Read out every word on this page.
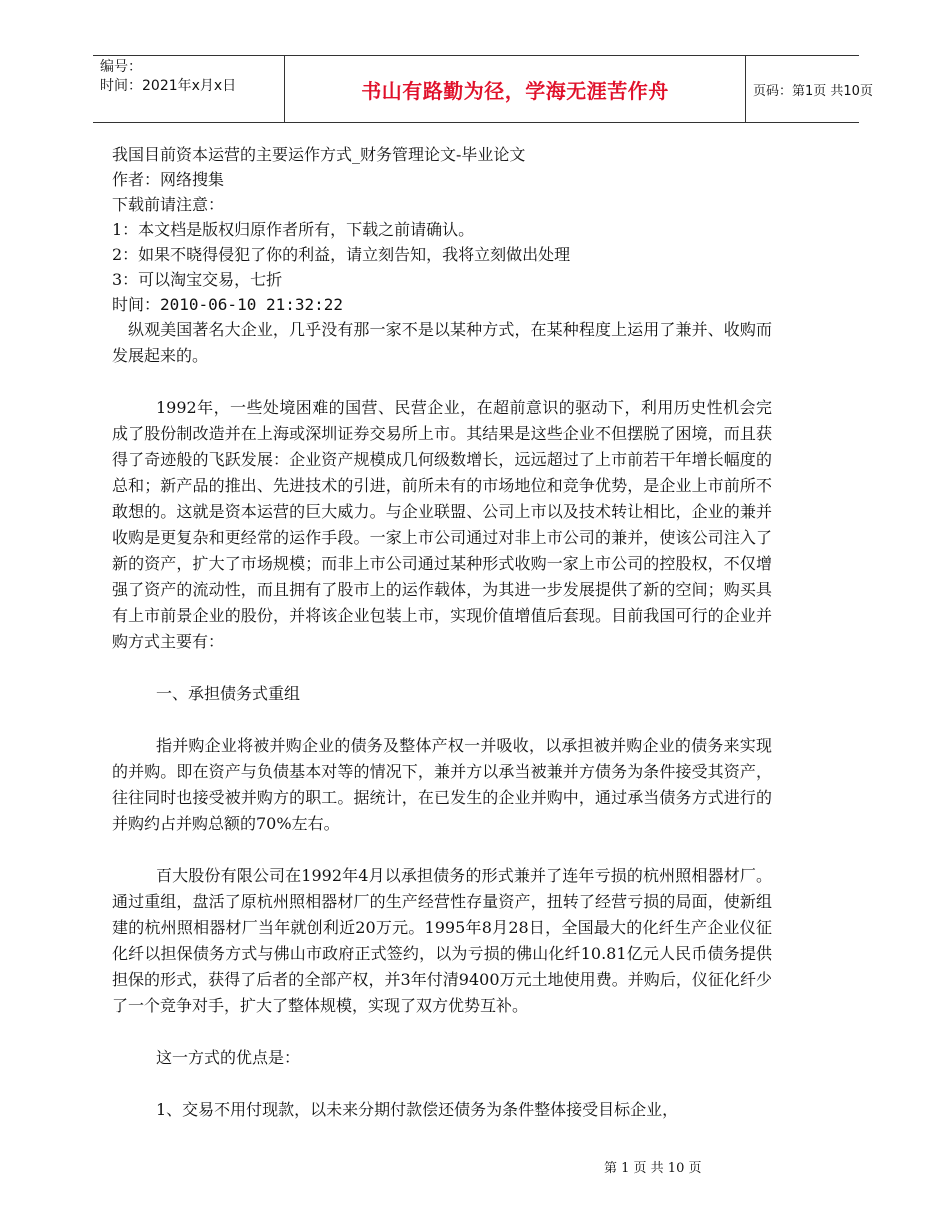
编号：
时间：2021年x月x日	书山有路勤为径，学海无涯苦作舟	页码：第1页 共10页
我国目前资本运营的主要运作方式_财务管理论文-毕业论文
作者：网络搜集
下载前请注意：
1：本文档是版权归原作者所有，下载之前请确认。
2：如果不晓得侵犯了你的利益，请立刻告知，我将立刻做出处理
3：可以淘宝交易，七折
时间：2010-06-10 21:32:22

纵观美国著名大企业，几乎没有那一家不是以某种方式，在某种程度上运用了兼并、收购而发展起来的。

1992年，一些处境困难的国营、民营企业，在超前意识的驱动下，利用历史性机会完成了股份制改造并在上海或深圳证券交易所上市。其结果是这些企业不但摆脱了困境，而且获得了奇迹般的飞跃发展：企业资产规模成几何级数增长，远远超过了上市前若干年增长幅度的总和；新产品的推出、先进技术的引进，前所未有的市场地位和竞争优势，是企业上市前所不敢想的。这就是资本运营的巨大威力。与企业联盟、公司上市以及技术转让相比，企业的兼并收购是更复杂和更经常的运作手段。一家上市公司通过对非上市公司的兼并，使该公司注入了新的资产，扩大了市场规模；而非上市公司通过某种形式收购一家上市公司的控股权，不仅增强了资产的流动性，而且拥有了股市上的运作载体，为其进一步发展提供了新的空间；购买具有上市前景企业的股份，并将该企业包装上市，实现价值增值后套现。目前我国可行的企业并购方式主要有：

一、承担债务式重组

指并购企业将被并购企业的债务及整体产权一并吸收，以承担被并购企业的债务来实现的并购。即在资产与负债基本对等的情况下，兼并方以承当被兼并方债务为条件接受其资产，往往同时也接受被并购方的职工。据统计，在已发生的企业并购中，通过承当债务方式进行的并购约占并购总额的70%左右。

百大股份有限公司在1992年4月以承担债务的形式兼并了连年亏损的杭州照相器材厂。通过重组，盘活了原杭州照相器材厂的生产经营性存量资产，扭转了经营亏损的局面，使新组建的杭州照相器材厂当年就创利近20万元。1995年8月28日，全国最大的化纤生产企业仪征化纤以担保债务方式与佛山市政府正式签约，以为亏损的佛山化纤10.81亿元人民币债务提供担保的形式，获得了后者的全部产权，并3年付清9400万元土地使用费。并购后，仪征化纤少了一个竞争对手，扩大了整体规模，实现了双方优势互补。

这一方式的优点是：

1、交易不用付现款，以未来分期付款偿还债务为条件整体接受目标企业，

第 1 页 共 10 页
